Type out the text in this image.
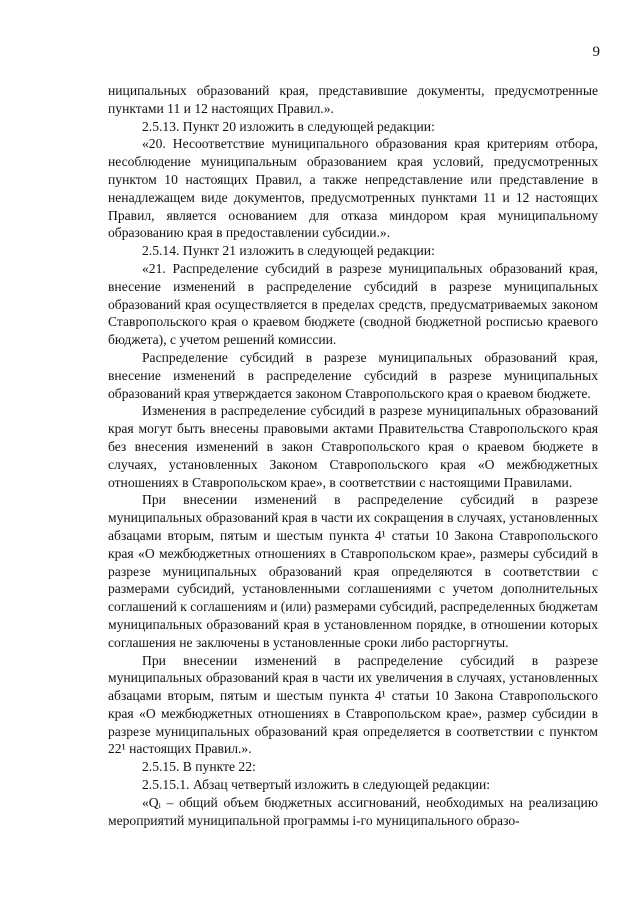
9

ниципальных образований края, представившие документы, предусмотренные пунктами 11 и 12 настоящих Правил.».

2.5.13. Пункт 20 изложить в следующей редакции:

«20. Несоответствие муниципального образования края критериям отбора, несоблюдение муниципальным образованием края условий, предусмотренных пунктом 10 настоящих Правил, а также непредставление или представление в ненадлежащем виде документов, предусмотренных пунктами 11 и 12 настоящих Правил, является основанием для отказа миндором края муниципальному образованию края в предоставлении субсидии.».

2.5.14. Пункт 21 изложить в следующей редакции:

«21. Распределение субсидий в разрезе муниципальных образований края, внесение изменений в распределение субсидий в разрезе муниципальных образований края осуществляется в пределах средств, предусматриваемых законом Ставропольского края о краевом бюджете (сводной бюджетной росписью краевого бюджета), с учетом решений комиссии.

Распределение субсидий в разрезе муниципальных образований края, внесение изменений в распределение субсидий в разрезе муниципальных образований края утверждается законом Ставропольского края о краевом бюджете.

Изменения в распределение субсидий в разрезе муниципальных образований края могут быть внесены правовыми актами Правительства Ставропольского края без внесения изменений в закон Ставропольского края о краевом бюджете в случаях, установленных Законом Ставропольского края «О межбюджетных отношениях в Ставропольском крае», в соответствии с настоящими Правилами.

При внесении изменений в распределение субсидий в разрезе муниципальных образований края в части их сокращения в случаях, установленных абзацами вторым, пятым и шестым пункта 4¹ статьи 10 Закона Ставропольского края «О межбюджетных отношениях в Ставропольском крае», размеры субсидий в разрезе муниципальных образований края определяются в соответствии с размерами субсидий, установленными соглашениями с учетом дополнительных соглашений к соглашениям и (или) размерами субсидий, распределенных бюджетам муниципальных образований края в установленном порядке, в отношении которых соглашения не заключены в установленные сроки либо расторгнуты.

При внесении изменений в распределение субсидий в разрезе муниципальных образований края в части их увеличения в случаях, установленных абзацами вторым, пятым и шестым пункта 4¹ статьи 10 Закона Ставропольского края «О межбюджетных отношениях в Ставропольском крае», размер субсидии в разрезе муниципальных образований края определяется в соответствии с пунктом 22¹ настоящих Правил.».

2.5.15. В пункте 22:

2.5.15.1. Абзац четвертый изложить в следующей редакции:

«Qᵢ – общий объем бюджетных ассигнований, необходимых на реализацию мероприятий муниципальной программы i-го муниципального образо-
